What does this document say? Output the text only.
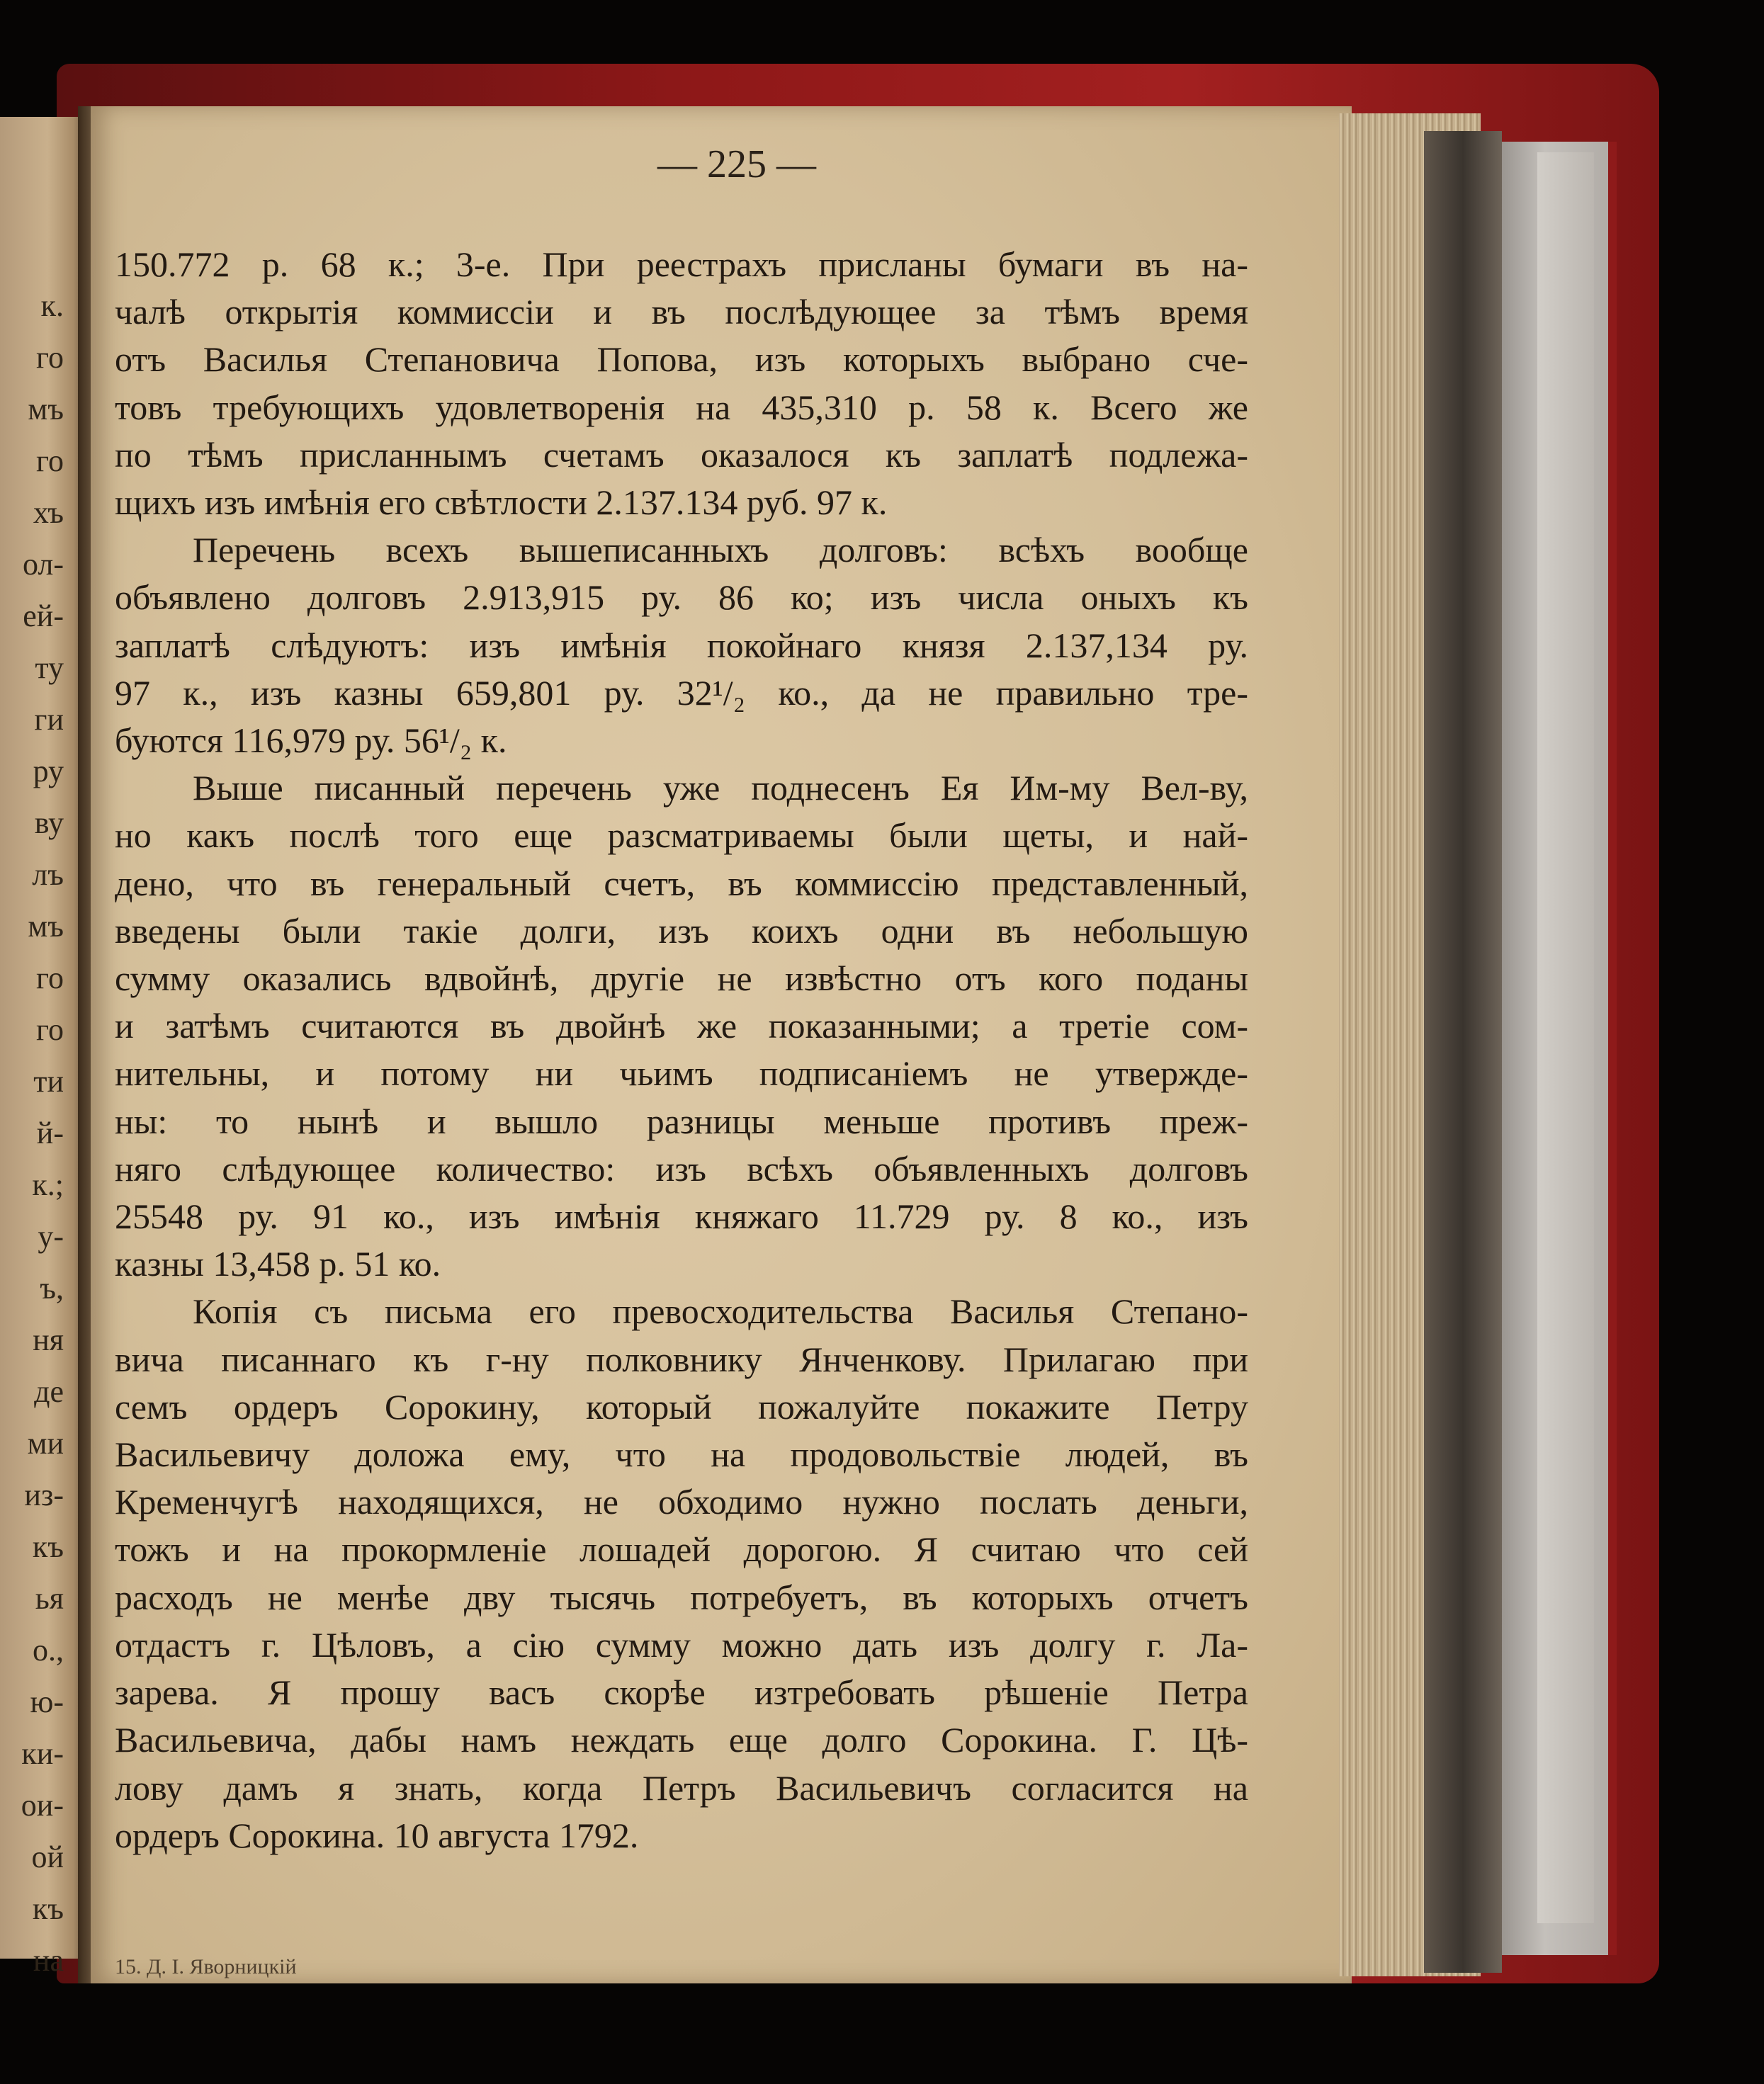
к.
го
мъ
го
хъ
ол-
ей-
ту
ги
ру
ву
лъ
мъ
го
го
ти
й-
к.;
у-
ъ,
ня
де
ми
из-
къ
ья
о.,
ю-
ки-
ои-
ой
къ
на
— 225 —
150.772 р. 68 к.; 3-е. При реестрахъ присланы бумаги въ на-
чалѣ открытія коммиссіи и въ послѣдующее за тѣмъ время
отъ Василья Степановича Попова, изъ которыхъ выбрано сче-
товъ требующихъ удовлетворенія на 435,310 р. 58 к. Всего же
по тѣмъ присланнымъ счетамъ оказалося къ заплатѣ подлежа-
щихъ изъ имѣнія его свѣтлости 2.137.134 руб. 97 к.
Перечень всехъ вышеписанныхъ долговъ: всѣхъ вообще
объявлено долговъ 2.913,915 ру. 86 ко; изъ числа оныхъ къ
заплатѣ слѣдуютъ: изъ имѣнія покойнаго князя 2.137,134 ру.
97 к., изъ казны 659,801 ру. 32¹/₂ ко., да не правильно тре-
буются 116,979 ру. 56¹/₂ к.
Выше писанный перечень уже поднесенъ Ея Им-му Вел-ву,
но какъ послѣ того еще разсматриваемы были щеты, и най-
дено, что въ генеральный счетъ, въ коммиссію представленный,
введены были такіе долги, изъ коихъ одни въ небольшую
сумму оказались вдвойнѣ, другіе не извѣстно отъ кого поданы
и затѣмъ считаются въ двойнѣ же показанными; а третіе сом-
нительны, и потому ни чьимъ подписаніемъ не утвержде-
ны: то нынѣ и вышло разницы меньше противъ преж-
няго слѣдующее количество: изъ всѣхъ объявленныхъ долговъ
25548 ру. 91 ко., изъ имѣнія княжаго 11.729 ру. 8 ко., изъ
казны 13,458 р. 51 ко.
Копія съ письма его превосходительства Василья Степано-
вича писаннаго къ г-ну полковнику Янченкову. Прилагаю при
семъ ордеръ Сорокину, который пожалуйте покажите Петру
Васильевичу доложа ему, что на продовольствіе людей, въ
Кременчугѣ находящихся, не обходимо нужно послать деньги,
тожъ и на прокормленіе лошадей дорогою. Я считаю что сей
расходъ не менѣе дву тысячь потребуетъ, въ которыхъ отчетъ
отдастъ г. Цѣловъ, а сію сумму можно дать изъ долгу г. Ла-
зарева. Я прошу васъ скорѣе изтребовать рѣшеніе Петра
Васильевича, дабы намъ неждать еще долго Сорокина. Г. Цѣ-
лову дамъ я знать, когда Петръ Васильевичъ согласится на
ордеръ Сорокина. 10 августа 1792.
15. Д. І. Яворницкій
